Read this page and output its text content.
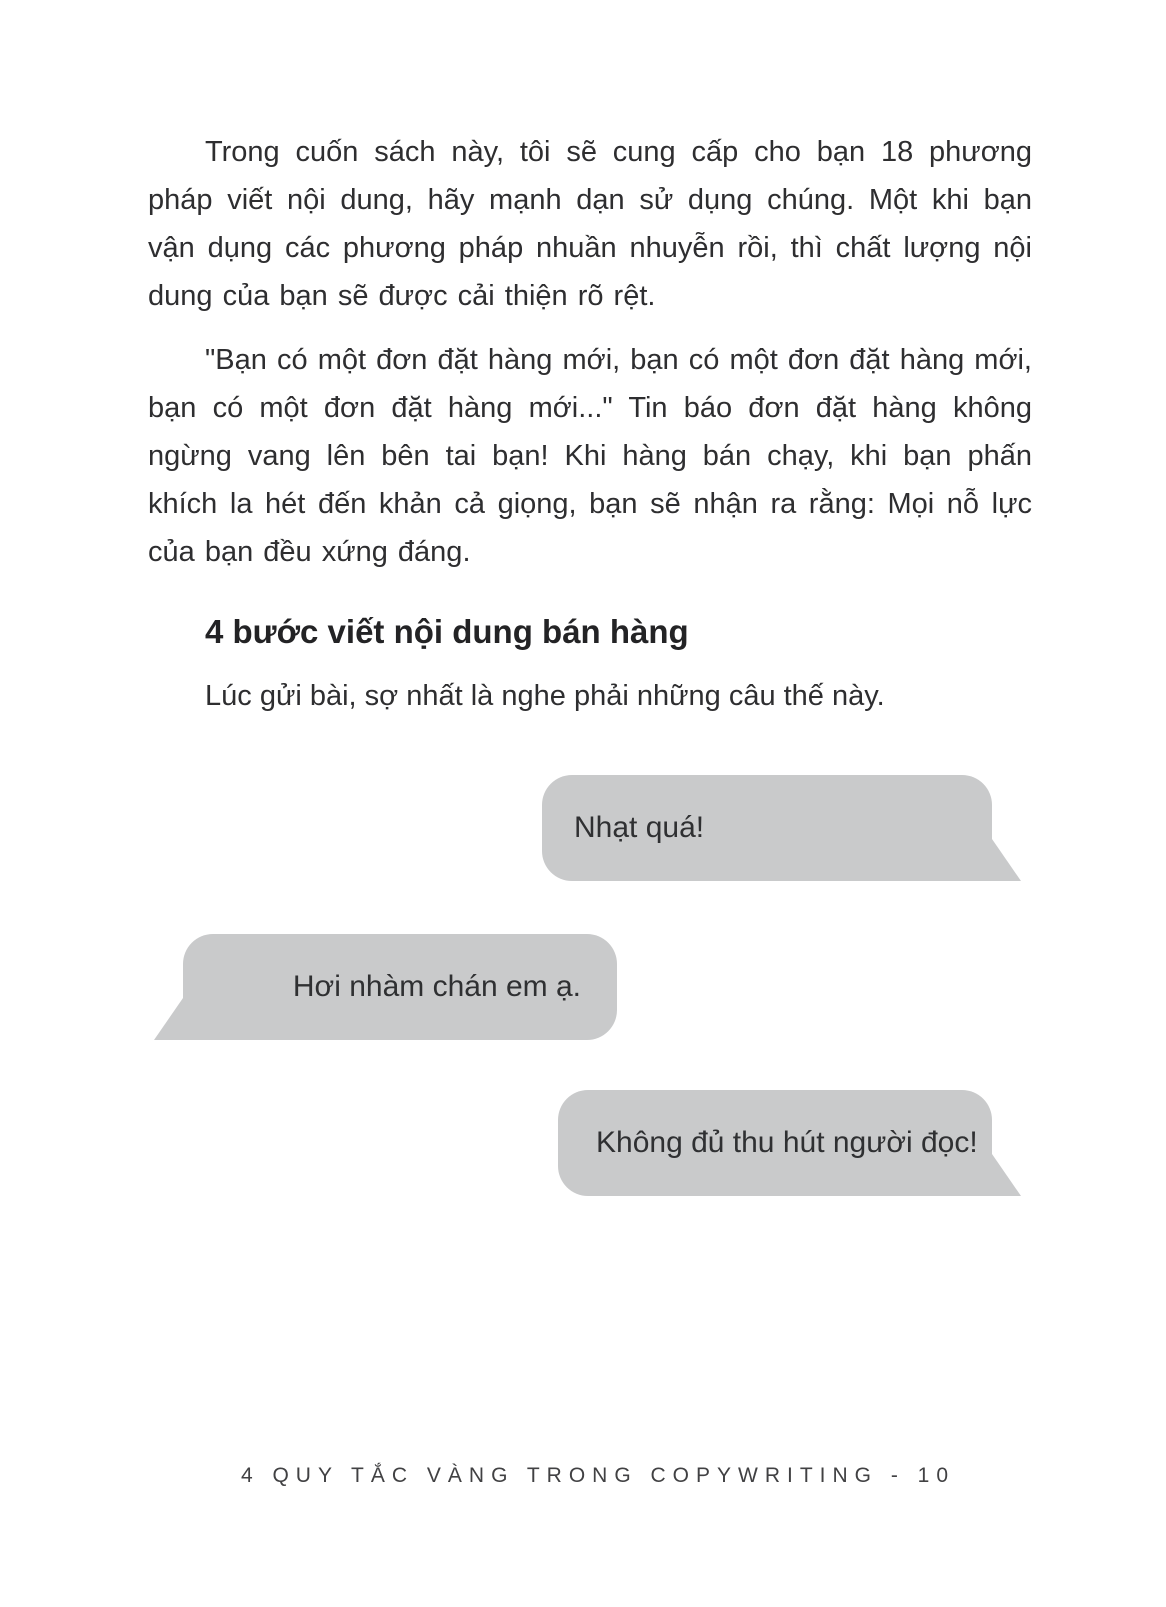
Trong cuốn sách này, tôi sẽ cung cấp cho bạn 18 phương pháp viết nội dung, hãy mạnh dạn sử dụng chúng. Một khi bạn vận dụng các phương pháp nhuần nhuyễn rồi, thì chất lượng nội dung của bạn sẽ được cải thiện rõ rệt.

"Bạn có một đơn đặt hàng mới, bạn có một đơn đặt hàng mới, bạn có một đơn đặt hàng mới..." Tin báo đơn đặt hàng không ngừng vang lên bên tai bạn! Khi hàng bán chạy, khi bạn phấn khích la hét đến khản cả giọng, bạn sẽ nhận ra rằng: Mọi nỗ lực của bạn đều xứng đáng.

4 bước viết nội dung bán hàng

Lúc gửi bài, sợ nhất là nghe phải những câu thế này.

Nhạt quá!
Hơi nhàm chán em ạ.
Không đủ thu hút người đọc!
4 QUY TẮC VÀNG TRONG COPYWRITING - 10
